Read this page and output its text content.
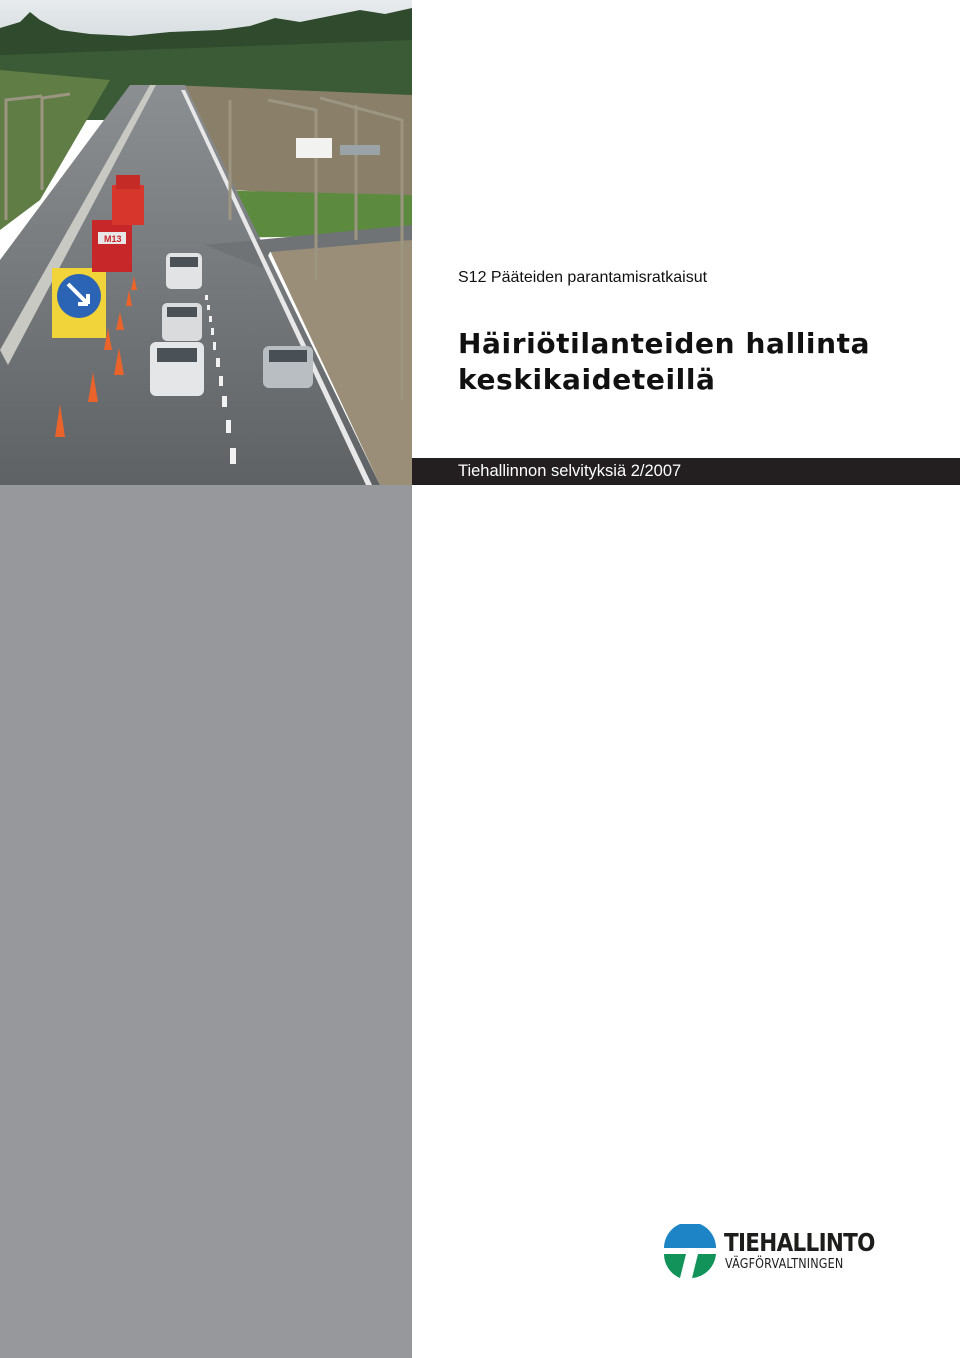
M13
S12 Pääteiden parantamisratkaisut
Häiriötilanteiden hallinta
keskikaideteillä
Tiehallinnon selvityksiä 2/2007
TIEHALLINTO
VÄGFÖRVALTNINGEN
